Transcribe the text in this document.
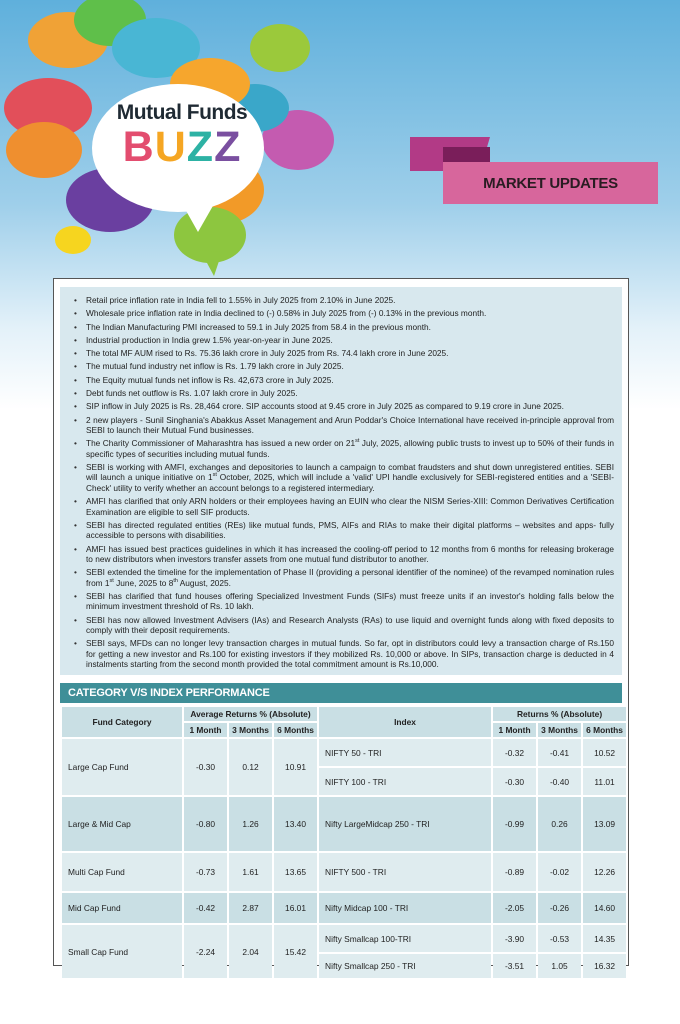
Mutual Funds
BUZZ
MARKET UPDATES
• Retail price inflation rate in India fell to 1.55% in July 2025 from 2.10% in June 2025.
• Wholesale price inflation rate in India declined to (-) 0.58% in July 2025 from (-) 0.13% in the previous month.
• The Indian Manufacturing PMI increased to 59.1 in July 2025 from 58.4 in the previous month.
• Industrial production in India grew 1.5% year-on-year in June 2025.
• The total MF AUM rised to Rs. 75.36 lakh crore in July 2025 from Rs. 74.4 lakh crore in June 2025.
• The mutual fund industry net inflow is Rs. 1.79 lakh crore in July 2025.
• The Equity mutual funds net inflow is Rs. 42,673 crore in July 2025.
• Debt funds net outflow is Rs. 1.07 lakh crore in July 2025.
• SIP inflow in July 2025 is Rs. 28,464 crore. SIP accounts stood at 9.45 crore in July 2025 as compared to 9.19 crore in June 2025.
• 2 new players - Sunil Singhania's Abakkus Asset Management and Arun Poddar's Choice International have received in-principle approval from SEBI to launch their Mutual Fund businesses.
• The Charity Commissioner of Maharashtra has issued a new order on 21st July, 2025, allowing public trusts to invest up to 50% of their funds in specific types of securities including mutual funds.
• SEBI is working with AMFI, exchanges and depositories to launch a campaign to combat fraudsters and shut down unregistered entities. SEBI will launch a unique initiative on 1st October, 2025, which will include a 'valid' UPI handle exclusively for SEBI-registered entities and a 'SEBI-Check' utility to verify whether an account belongs to a registered intermediary.
• AMFI has clarified that only ARN holders or their employees having an EUIN who clear the NISM Series-XIII: Common Derivatives Certification Examination are eligible to sell SIF products.
• SEBI has directed regulated entities (REs) like mutual funds, PMS, AIFs and RIAs to make their digital platforms – websites and apps- fully accessible to persons with disabilities.
• AMFI has issued best practices guidelines in which it has increased the cooling-off period to 12 months from 6 months for releasing brokerage to new distributors when investors transfer assets from one mutual fund distributor to another.
• SEBI extended the timeline for the implementation of Phase II (providing a personal identifier of the nominee) of the revamped nomination rules from 1st June, 2025 to 8th August, 2025.
• SEBI has clarified that fund houses offering Specialized Investment Funds (SIFs) must freeze units if an investor's holding falls below the minimum investment threshold of Rs. 10 lakh.
• SEBI has now allowed Investment Advisers (IAs) and Research Analysts (RAs) to use liquid and overnight funds along with fixed deposits to comply with their deposit requirements.
• SEBI says, MFDs can no longer levy transaction charges in mutual funds. So far, opt in distributors could levy a transaction charge of Rs.150 for getting a new investor and Rs.100 for existing investors if they mobilized Rs. 10,000 or above. In SIPs, transaction charge is deducted in 4 instalments starting from the second month provided the total commitment amount is Rs.10,000.
CATEGORY V/S INDEX PERFORMANCE
Fund Category	Average Returns % (Absolute)			Index	Returns % (Absolute)		
	1 Month	3 Months	6 Months		1 Month	3 Months	6 Months
Large Cap Fund	-0.30	0.12	10.91	NIFTY 50 - TRI	-0.32	-0.41	10.52
				NIFTY 100 - TRI	-0.30	-0.40	11.01
Large & Mid Cap	-0.80	1.26	13.40	Nifty LargeMidcap 250 - TRI	-0.99	0.26	13.09
Multi Cap Fund	-0.73	1.61	13.65	NIFTY 500 - TRI	-0.89	-0.02	12.26
Mid Cap Fund	-0.42	2.87	16.01	Nifty Midcap 100 - TRI	-2.05	-0.26	14.60
Small Cap Fund	-2.24	2.04	15.42	Nifty Smallcap 100-TRI	-3.90	-0.53	14.35
				Nifty Smallcap 250 - TRI	-3.51	1.05	16.32
